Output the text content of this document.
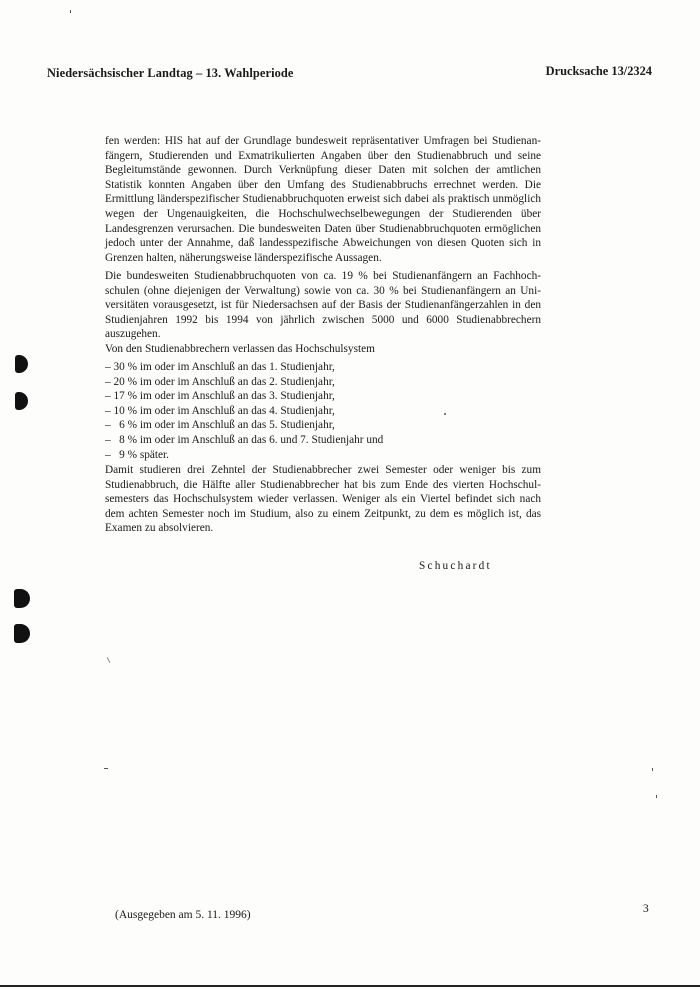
Niedersächsischer Landtag – 13. Wahlperiode	Drucksache 13/2324
fen werden: HIS hat auf der Grundlage bundesweit repräsentativer Umfragen bei Studienanfängern, Studierenden und Exmatrikulierten Angaben über den Studienabbruch und seine Begleitumstände gewonnen. Durch Verknüpfung dieser Daten mit solchen der amtlichen Statistik konnten Angaben über den Umfang des Studienabbruchs errechnet werden. Die Ermittlung länderspezifischer Studienabbruchquoten erweist sich dabei als praktisch unmöglich wegen der Ungenauigkeiten, die Hochschulwechselbewegungen der Studierenden über Landesgrenzen verursachen. Die bundesweiten Daten über Studienabbruchquoten ermöglichen jedoch unter der Annahme, daß landesspezifische Abweichungen von diesen Quoten sich in Grenzen halten, näherungsweise länderspezifische Aussagen.
Die bundesweiten Studienabbruchquoten von ca. 19 % bei Studienanfängern an Fachhochschulen (ohne diejenigen der Verwaltung) sowie von ca. 30 % bei Studienanfängern an Universitäten vorausgesetzt, ist für Niedersachsen auf der Basis der Studienanfängerzahlen in den Studienjahren 1992 bis 1994 von jährlich zwischen 5000 und 6000 Studienabbrechern auszugehen.
Von den Studienabbrechern verlassen das Hochschulsystem
– 30 % im oder im Anschluß an das 1. Studienjahr,
– 20 % im oder im Anschluß an das 2. Studienjahr,
– 17 % im oder im Anschluß an das 3. Studienjahr,
– 10 % im oder im Anschluß an das 4. Studienjahr,
–   6 % im oder im Anschluß an das 5. Studienjahr,
–   8 % im oder im Anschluß an das 6. und 7. Studienjahr und
–   9 % später.
Damit studieren drei Zehntel der Studienabbrecher zwei Semester oder weniger bis zum Studienabbruch, die Hälfte aller Studienabbrecher hat bis zum Ende des vierten Hochschulsemesters das Hochschulsystem wieder verlassen. Weniger als ein Viertel befindet sich nach dem achten Semester noch im Studium, also zu einem Zeitpunkt, zu dem es möglich ist, das Examen zu absolvieren.
Schuchardt
(Ausgegeben am 5. 11. 1996)	3
